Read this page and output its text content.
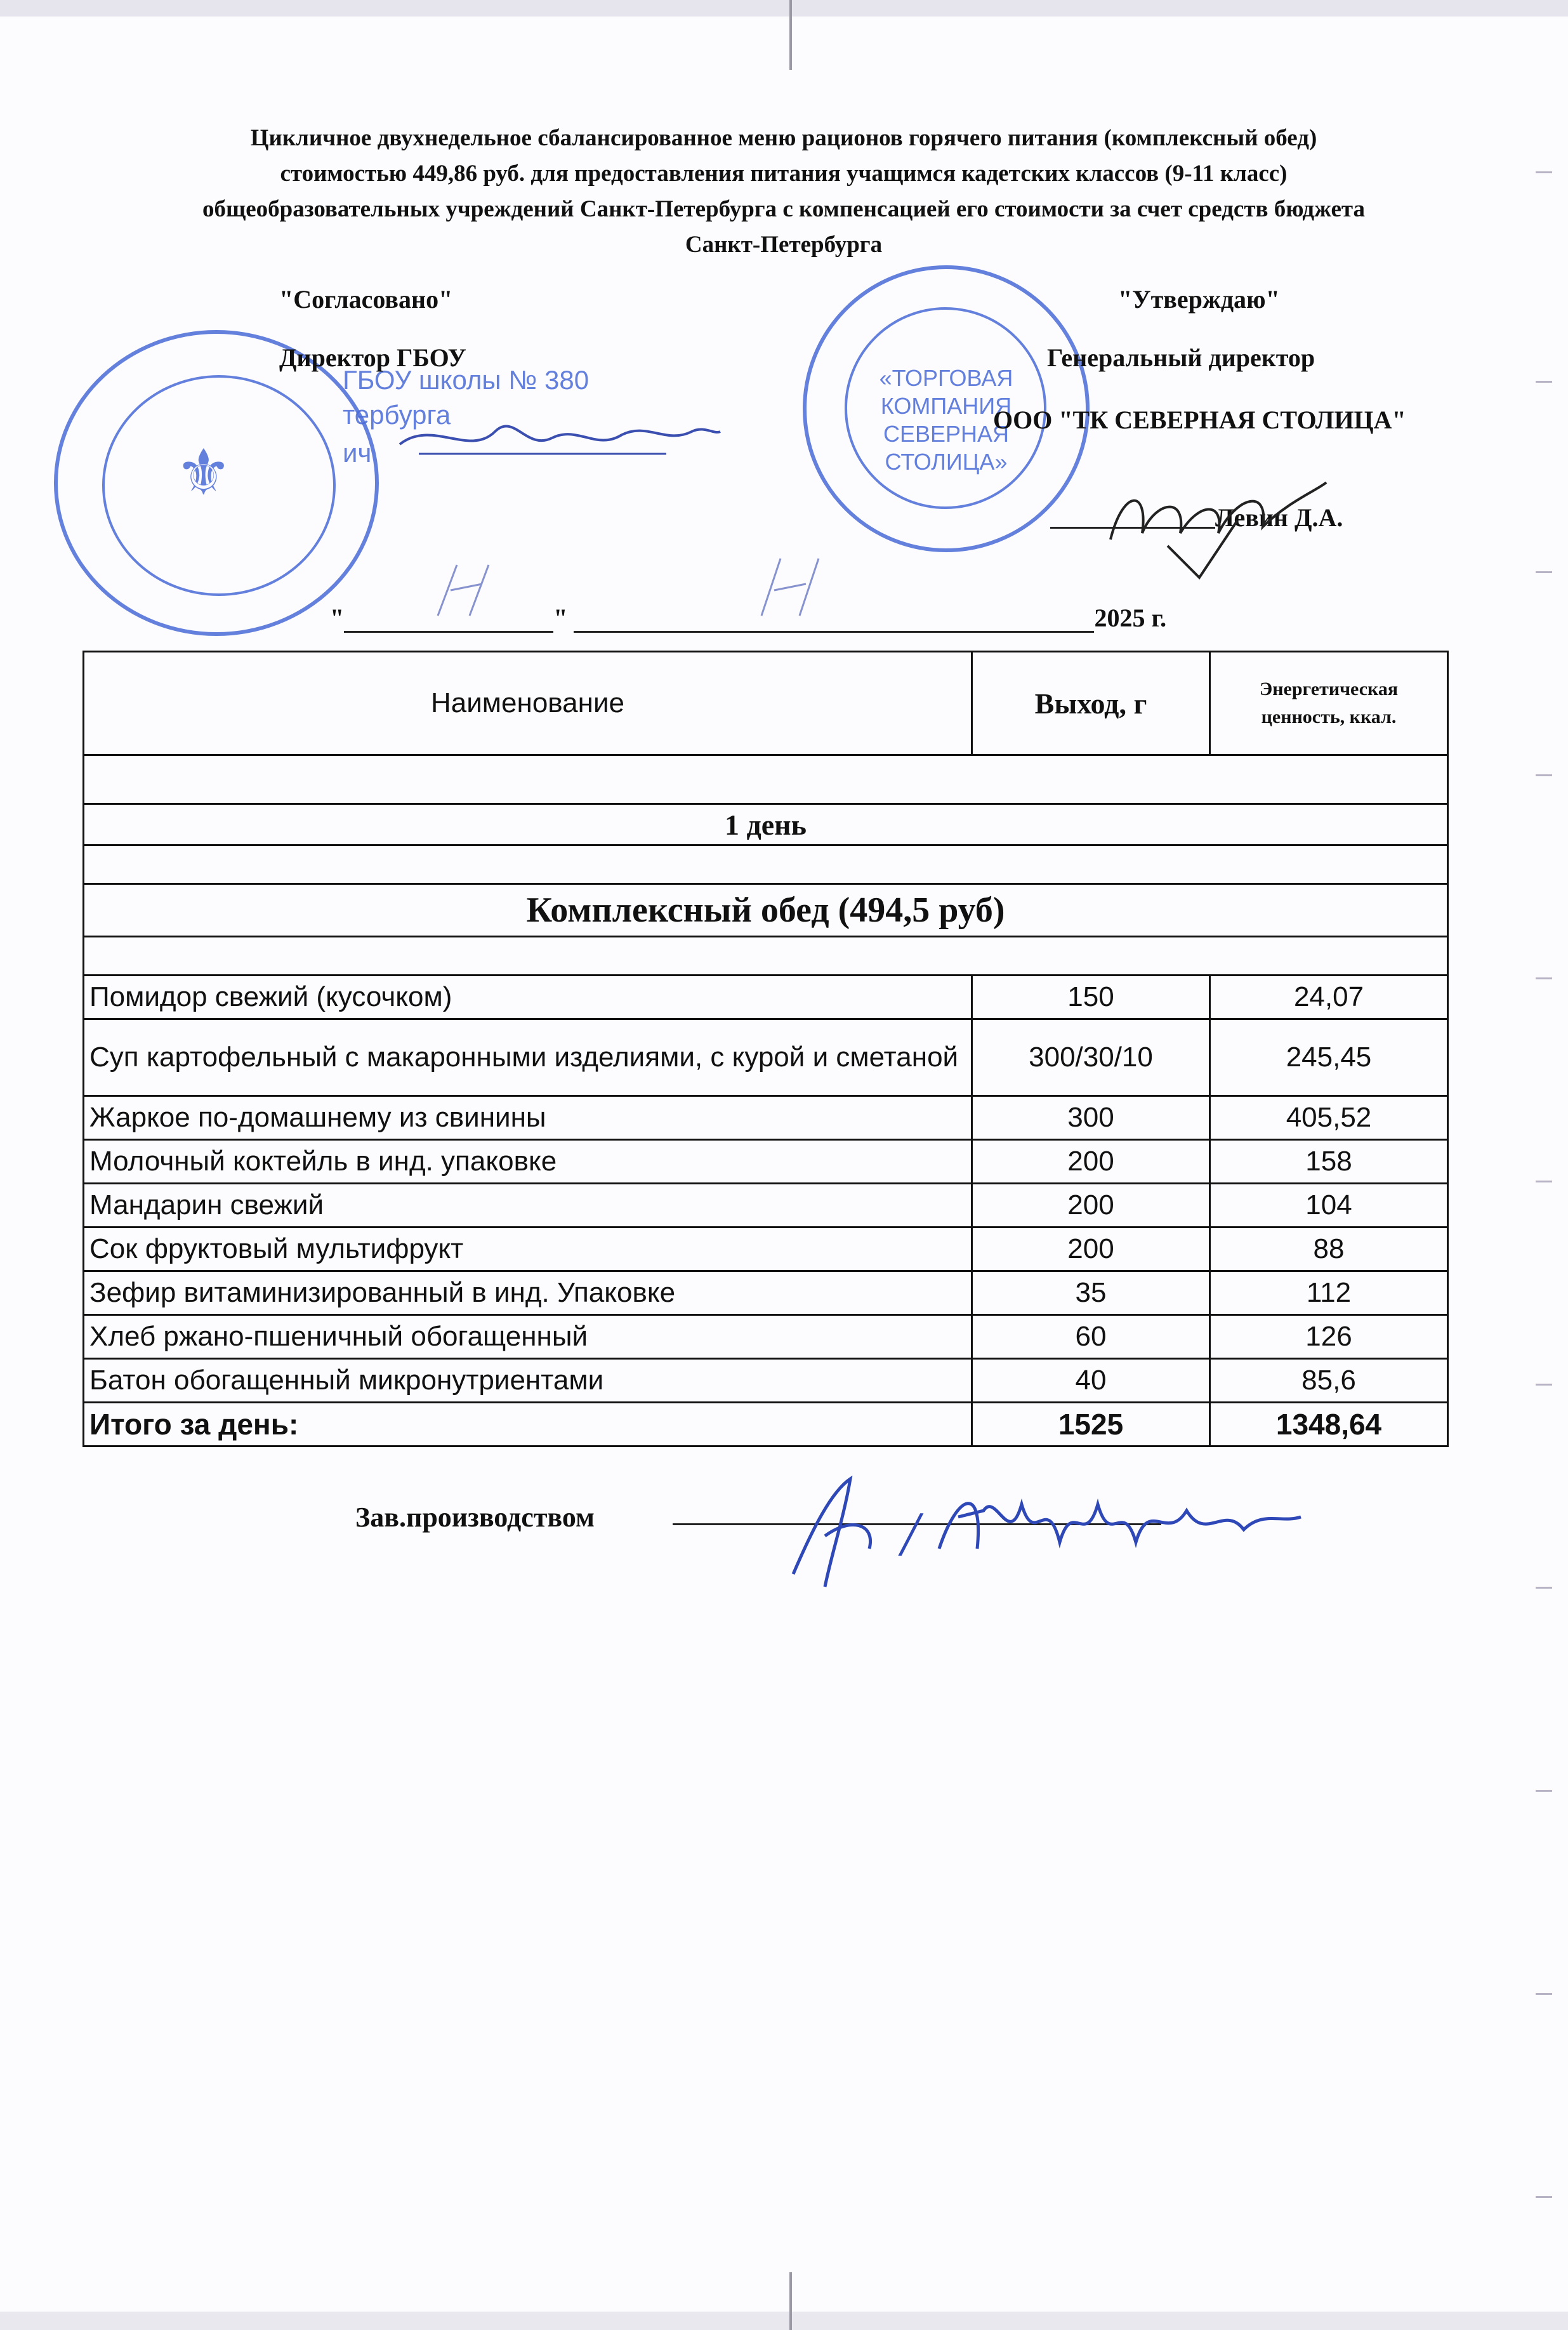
Цикличное двухнедельное сбалансированное меню рационов горячего питания (комплексный обед)
стоимостью 449,86 руб. для предоставления питания учащимся кадетских классов (9-11 класс)
общеобразовательных учреждений Санкт-Петербурга с компенсацией его стоимости за счет средств бюджета
Санкт-Петербурга
⚜
ГБОУ школы № 380
тербурга
ич
"Согласовано"
Директор ГБОУ
«ТОРГОВАЯ
КОМПАНИЯ
СЕВЕРНАЯ
СТОЛИЦА»
"Утверждаю"
Генеральный директор
ООО "ТК СЕВЕРНАЯ СТОЛИЦА"
Левин Д.А.
"	"	2025 г.
Наименование	Выход, г	Энергетическая
ценность, ккал.

1 день		

Комплексный обед (494,5 руб)		

Помидор свежий (кусочком)	150	24,07
Суп картофельный с макаронными изделиями, с курой и сметаной	300/30/10	245,45
Жаркое по-домашнему из свинины	300	405,52
Молочный коктейль в инд. упаковке	200	158
Мандарин свежий	200	104
Сок фруктовый мультифрукт	200	88
Зефир витаминизированный в инд. Упаковке	35	112
Хлеб ржано-пшеничный обогащенный	60	126
Батон обогащенный микронутриентами	40	85,6
Итого за день:	1525	1348,64
Зав.производством	/
